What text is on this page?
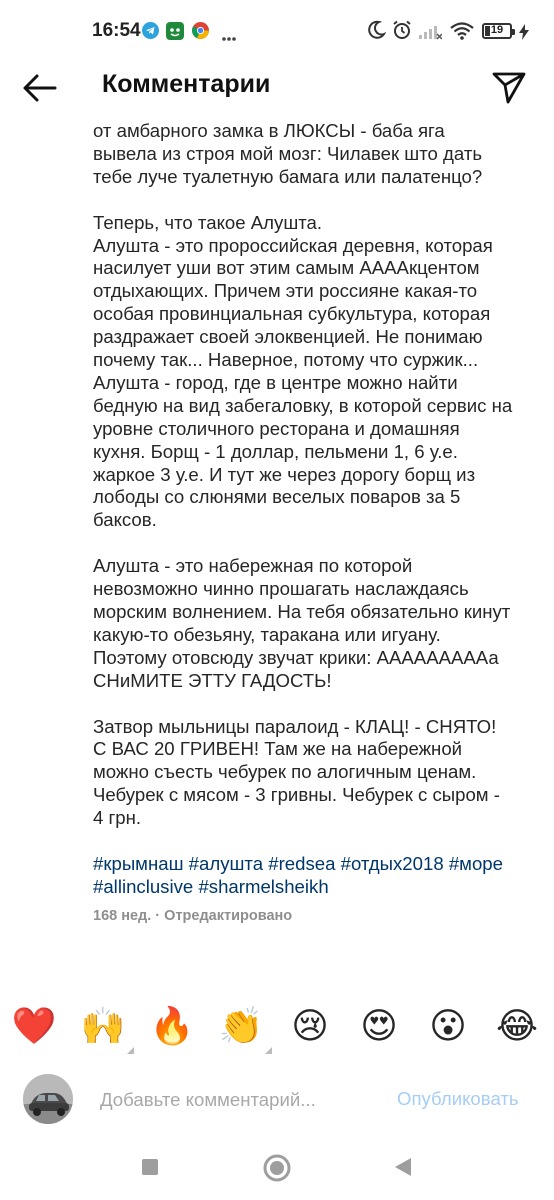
16:54	19
Комментарии

от амбарного замка в ЛЮКСЫ - баба яга вывела из строя мой мозг: Чилавек што дать тебе луче туалетную бамага или палатенцо?

Теперь, что такое Алушта.
Алушта - это пророссийская деревня, которая насилует уши вот этим самым ААААкцентом отдыхающих. Причем эти россияне какая-то особая провинциальная субкультура, которая раздражает своей элоквенцией. Не понимаю почему так... Наверное, потому что суржик... Алушта - город, где в центре можно найти бедную на вид забегаловку, в которой сервис на уровне столичного ресторана и домашняя кухня. Борщ - 1 доллар, пельмени 1, 6 у.е. жаркое 3 у.е. И тут же через дорогу борщ из лободы со слюнями веселых поваров за 5 баксов.

Алушта - это набережная по которой невозможно чинно прошагать наслаждаясь морским волнением. На тебя обязательно кинут какую-то обезьяну, таракана или игуану. Поэтому отовсюду звучат крики: АААААААААа СНиМИТЕ ЭТТУ ГАДОСТЬ!

Затвор мыльницы паралоид - КЛАЦ! - СНЯТО! С ВАС 20 ГРИВЕН! Там же на набережной можно съесть чебурек по алогичным ценам. Чебурек с мясом - 3 гривны. Чебурек с сыром - 4 грн.

#крымнаш #алушта #redsea #отдых2018 #море #allinclusive #sharmelsheikh
168 нед. · Отредактировано
❤️ 🙌 🔥 👏 😢 😍 😮 😂
Добавьте комментарий...
Опубликовать
